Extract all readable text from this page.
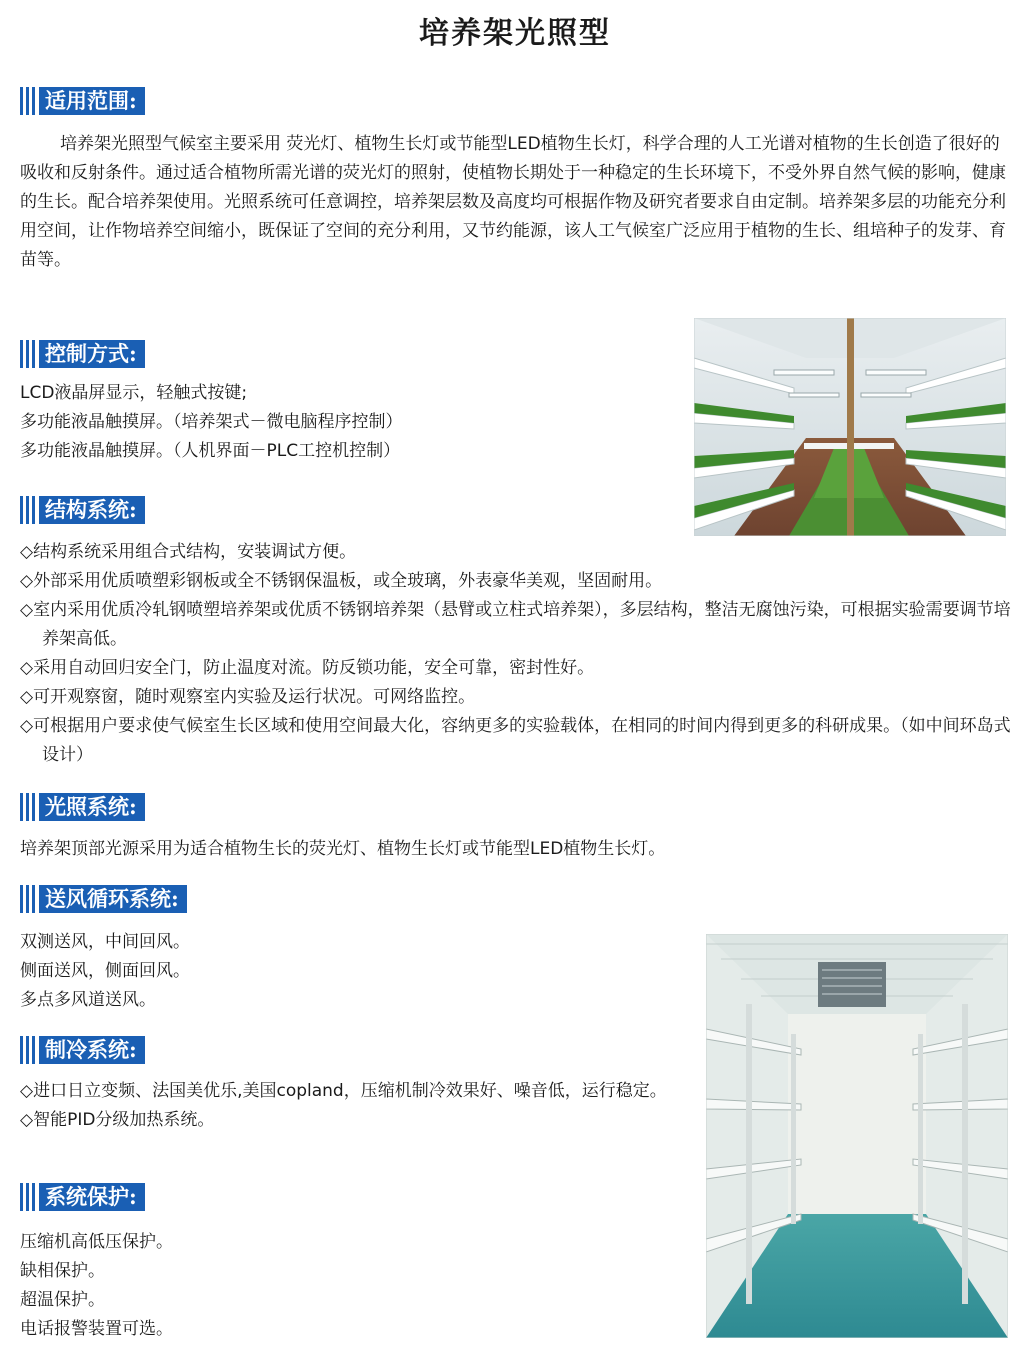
培养架光照型
适用范围:

培养架光照型气候室主要采用 荧光灯、植物生长灯或节能型LED植物生长灯，科学合理的人工光谱对植物的生长创造了很好的吸收和反射条件。通过适合植物所需光谱的荧光灯的照射，使植物长期处于一种稳定的生长环境下，不受外界自然气候的影响，健康的生长。配合培养架使用。光照系统可任意调控，培养架层数及高度均可根据作物及研究者要求自由定制。培养架多层的功能充分利用空间，让作物培养空间缩小，既保证了空间的充分利用，又节约能源，该人工气候室广泛应用于植物的生长、组培种子的发芽、育苗等。

控制方式:
LCD液晶屏显示，轻触式按键;
多功能液晶触摸屏。（培养架式－微电脑程序控制）
多功能液晶触摸屏。（人机界面－PLC工控机控制）
结构系统:
◇结构系统采用组合式结构，安装调试方便。
◇外部采用优质喷塑彩钢板或全不锈钢保温板，或全玻璃，外表豪华美观，坚固耐用。
◇室内采用优质冷轧钢喷塑培养架或优质不锈钢培养架（悬臂或立柱式培养架），多层结构，整洁无腐蚀污染，可根据实验需要调节培养架高低。
◇采用自动回归安全门，防止温度对流。防反锁功能，安全可靠，密封性好。
◇可开观察窗，随时观察室内实验及运行状况。可网络监控。
◇可根据用户要求使气候室生长区域和使用空间最大化，容纳更多的实验载体，在相同的时间内得到更多的科研成果。（如中间环岛式设计）
光照系统:

培养架顶部光源采用为适合植物生长的荧光灯、植物生长灯或节能型LED植物生长灯。

送风循环系统:
双测送风，中间回风。
侧面送风，侧面回风。
多点多风道送风。
制冷系统:
◇进口日立变频、法国美优乐,美国copland，压缩机制冷效果好、噪音低，运行稳定。
◇智能PID分级加热系统。
系统保护:
压缩机高低压保护。
缺相保护。
超温保护。
电话报警装置可选。
